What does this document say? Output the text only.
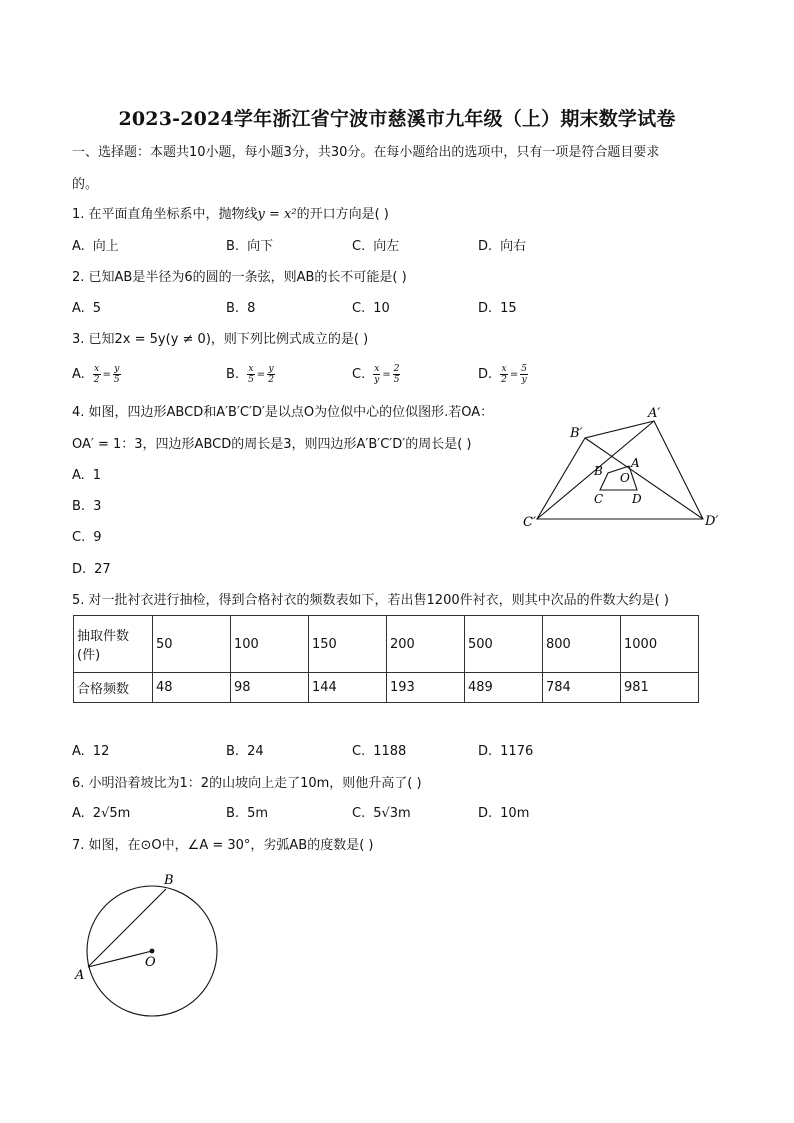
2023-2024学年浙江省宁波市慈溪市九年级（上）期末数学试卷
一、选择题：本题共10小题，每小题3分，共30分。在每小题给出的选项中，只有一项是符合题目要求
的。
1. 在平面直角坐标系中，抛物线y = x²的开口方向是( )
A. 向上	B. 向下	C. 向左	D. 向右
2. 已知AB是半径为6的圆的一条弦，则AB的长不可能是( )
A. 5	B. 8	C. 10	D. 15
3. 已知2x = 5y(y ≠ 0)，则下列比例式成立的是( )
A. $\frac{x}{2} = \frac{y}{5}$	B. $\frac{x}{5} = \frac{y}{2}$	C. $\frac{x}{y} = \frac{2}{5}$	D. $\frac{x}{2} = \frac{5}{y}$
4. 如图，四边形ABCD和A′B′C′D′是以点O为位似中心的位似图形.若OA：
OA′ = 1：3，四边形ABCD的周长是3，则四边形A′B′C′D′的周长是( )
A. 1
B. 3
C. 9
D. 27
A′
B′
C′	D′
A
B
C D
O
5. 对一批衬衣进行抽检，得到合格衬衣的频数表如下，若出售1200件衬衣，则其中次品的件数大约是( )
抽取件数(件)	50	100	150	200	500	800	1000
合格频数	48	98	144	193	489	784	981
A. 12	B. 24	C. 1188	D. 1176
6. 小明沿着坡比为1：2的山坡向上走了10m，则他升高了( )
A. 2√5m	B. 5m	C. 5√3m	D. 10m
7. 如图，在⊙O中，∠A = 30°，劣弧AB的度数是( )
B
A
O
